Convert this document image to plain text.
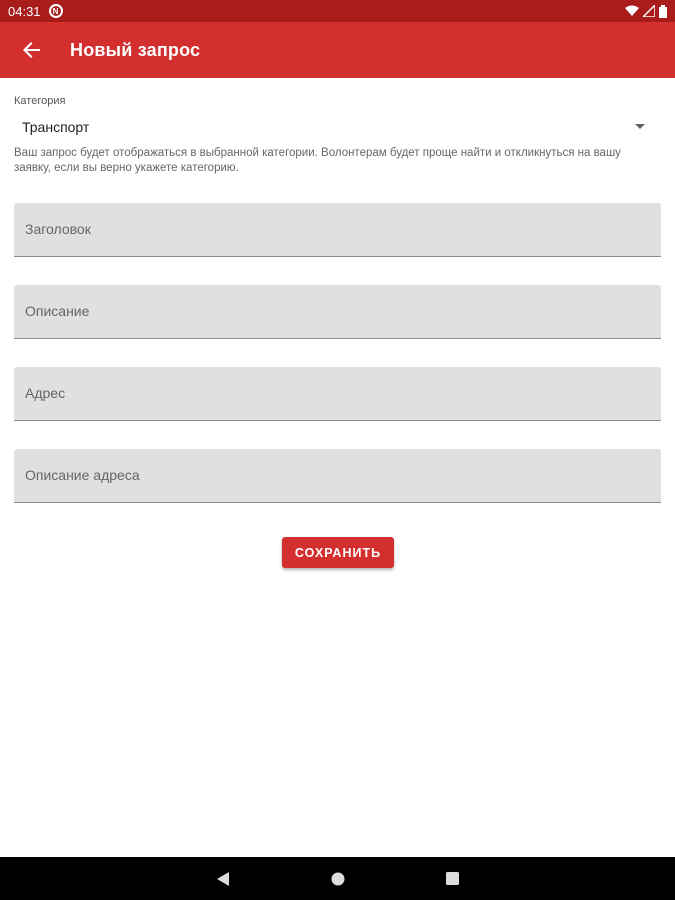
04:31	N
Новый запрос
Категория
Транспорт

Ваш запрос будет отображаться в выбранной категории. Волонтерам будет проще найти и откликнуться на вашу заявку, если вы верно укажете категорию.

Заголовок
Описание
Адрес
Описание адреса
СОХРАНИТЬ
